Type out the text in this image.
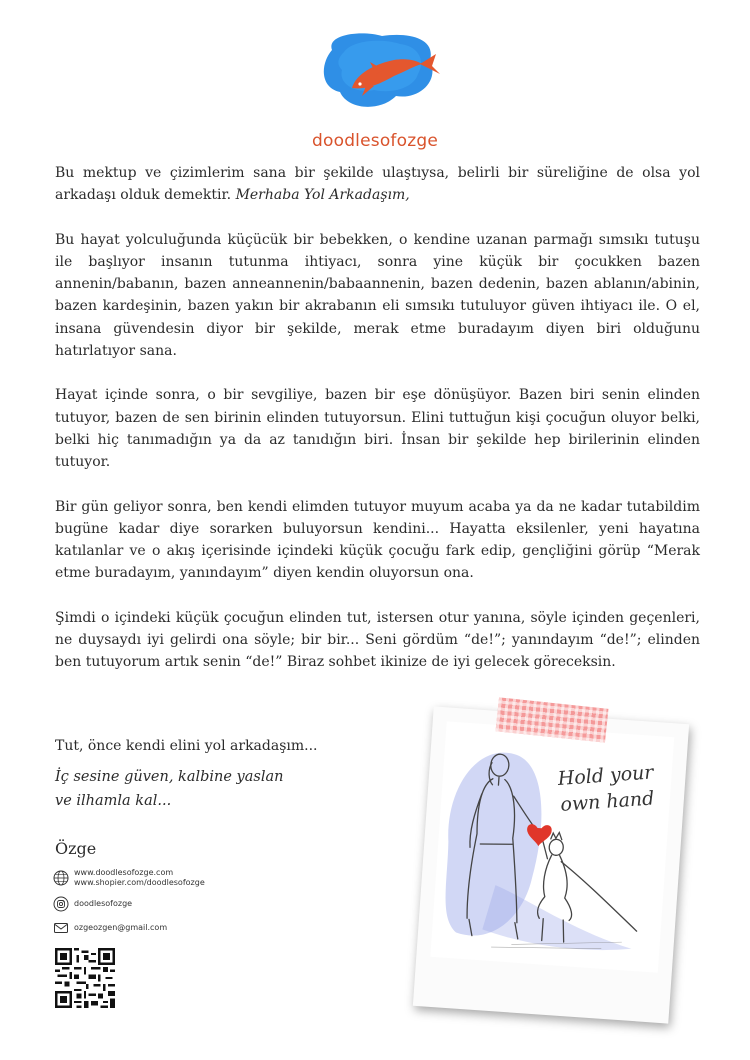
doodlesofozge

Bu mektup ve çizimlerim sana bir şekilde ulaştıysa, belirli bir süreliğine de olsa yol arkadaşı olduk demektir. Merhaba Yol Arkadaşım,

Bu hayat yolculuğunda küçücük bir bebekken, o kendine uzanan parmağı sımsıkı tutuşu ile başlıyor insanın tutunma ihtiyacı, sonra yine küçük bir çocukken bazen annenin/babanın, bazen anneannenin/babaannenin, bazen dedenin, bazen ablanın/abinin, bazen kardeşinin, bazen yakın bir akrabanın eli sımsıkı tutuluyor güven ihtiyacı ile. O el, insana güvendesin diyor bir şekilde, merak etme buradayım diyen biri olduğunu hatırlatıyor sana.

Hayat içinde sonra, o bir sevgiliye, bazen bir eşe dönüşüyor. Bazen biri senin elinden tutuyor, bazen de sen birinin elinden tutuyorsun. Elini tuttuğun kişi çocuğun oluyor belki, belki hiç tanımadığın ya da az tanıdığın biri. İnsan bir şekilde hep birilerinin elinden tutuyor.

Bir gün geliyor sonra, ben kendi elimden tutuyor muyum acaba ya da ne kadar tutabildim bugüne kadar diye sorarken buluyorsun kendini... Hayatta eksilenler, yeni hayatına katılanlar ve o akış içerisinde içindeki küçük çocuğu fark edip, gençliğini görüp “Merak etme buradayım, yanındayım” diyen kendin oluyorsun ona.

Şimdi o içindeki küçük çocuğun elinden tut, istersen otur yanına, söyle içinden geçenleri, ne duysaydı iyi gelirdi ona söyle; bir bir... Seni gördüm “de!”; yanındayım “de!”; elinden ben tutuyorum artık senin “de!” Biraz sohbet ikinize de iyi gelecek göreceksin.

Tut, önce kendi elini yol arkadaşım...

İç sesine güven, kalbine yaslan
ve ilhamla kal...
Özge
www.doodlesofozge.com
www.shopier.com/doodlesofozge
doodlesofozge
ozgeozgen@gmail.com
Hold your
own hand
